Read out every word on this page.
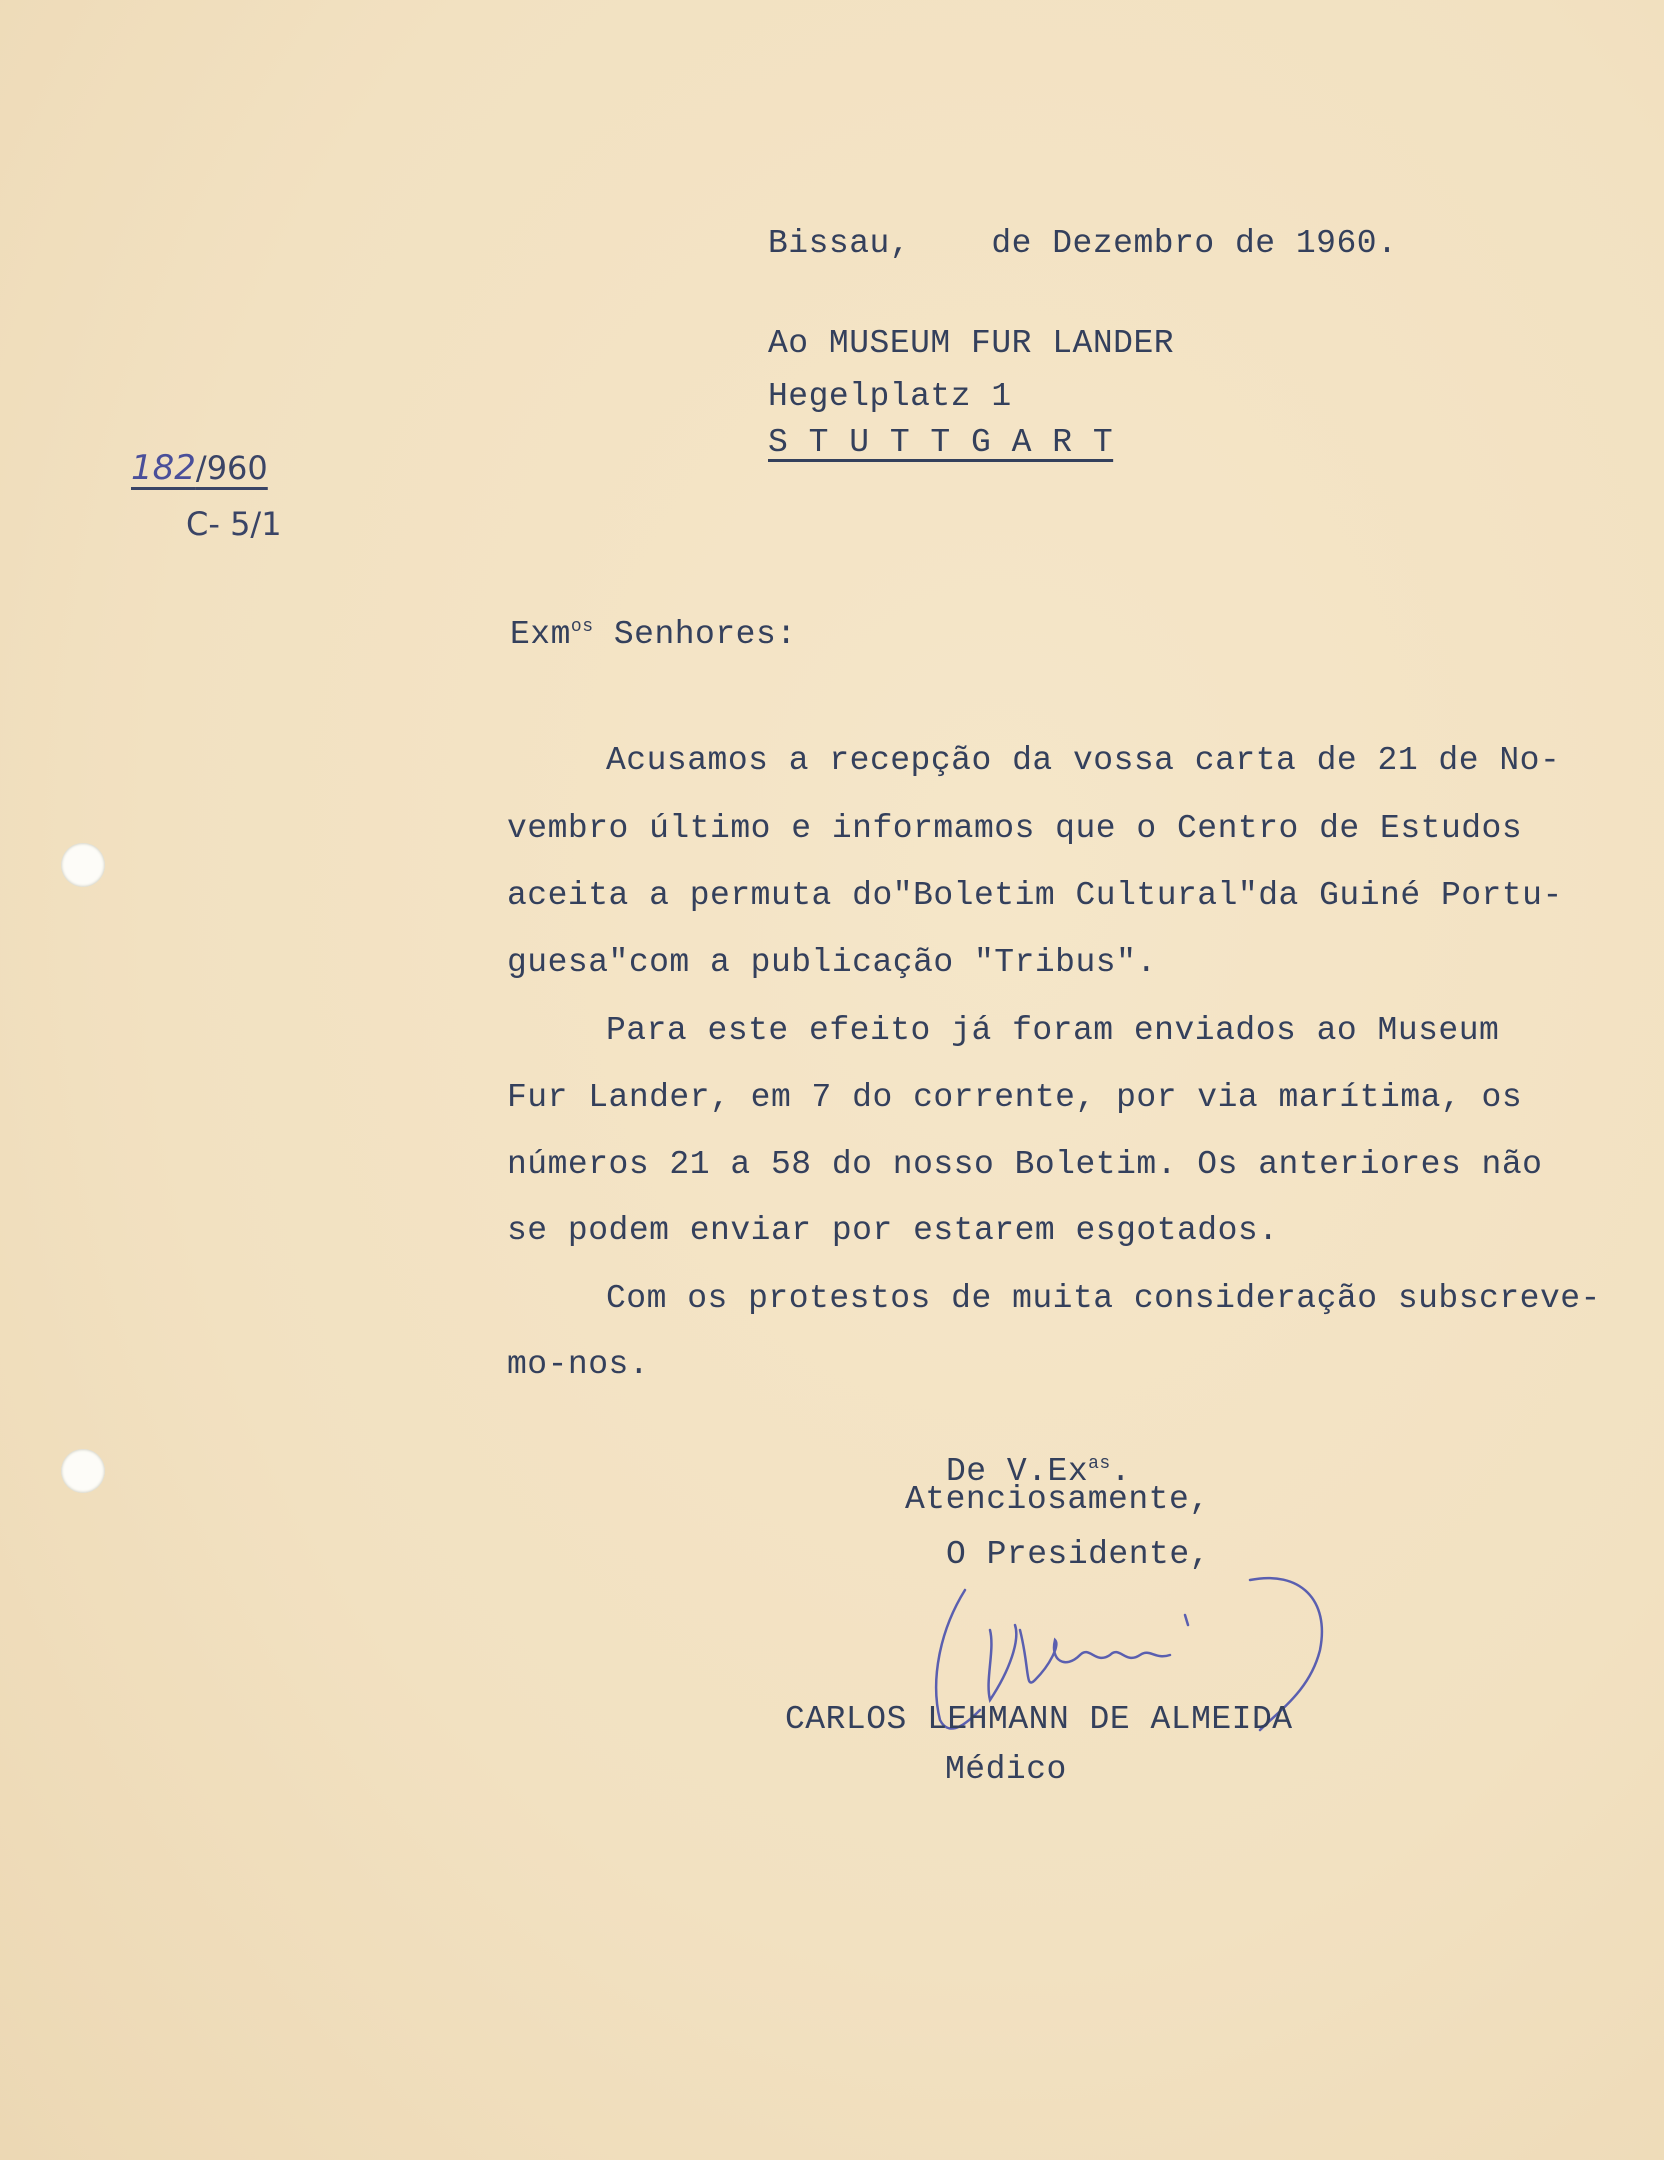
Bissau,    de Dezembro de 1960.
Ao MUSEUM FUR LANDER
Hegelplatz 1
S T U T T G A R T
182/960
C- 5/1
Exm$^{os}$ Senhores:
Acusamos a recepção da vossa carta de 21 de No-
vembro último e informamos que o Centro de Estudos
aceita a permuta do"Boletim Cultural"da Guiné Portu-
guesa"com a publicação "Tribus".
Para este efeito já foram enviados ao Museum
Fur Lander, em 7 do corrente, por via marítima, os
números 21 a 58 do nosso Boletim. Os anteriores não
se podem enviar por estarem esgotados.
Com os protestos de muita consideração subscreve-
mo-nos.
De $V.Ex^{as}$.
Atenciosamente,
O Presidente,
CARLOS LEHMANN DE ALMEIDA
Médico
